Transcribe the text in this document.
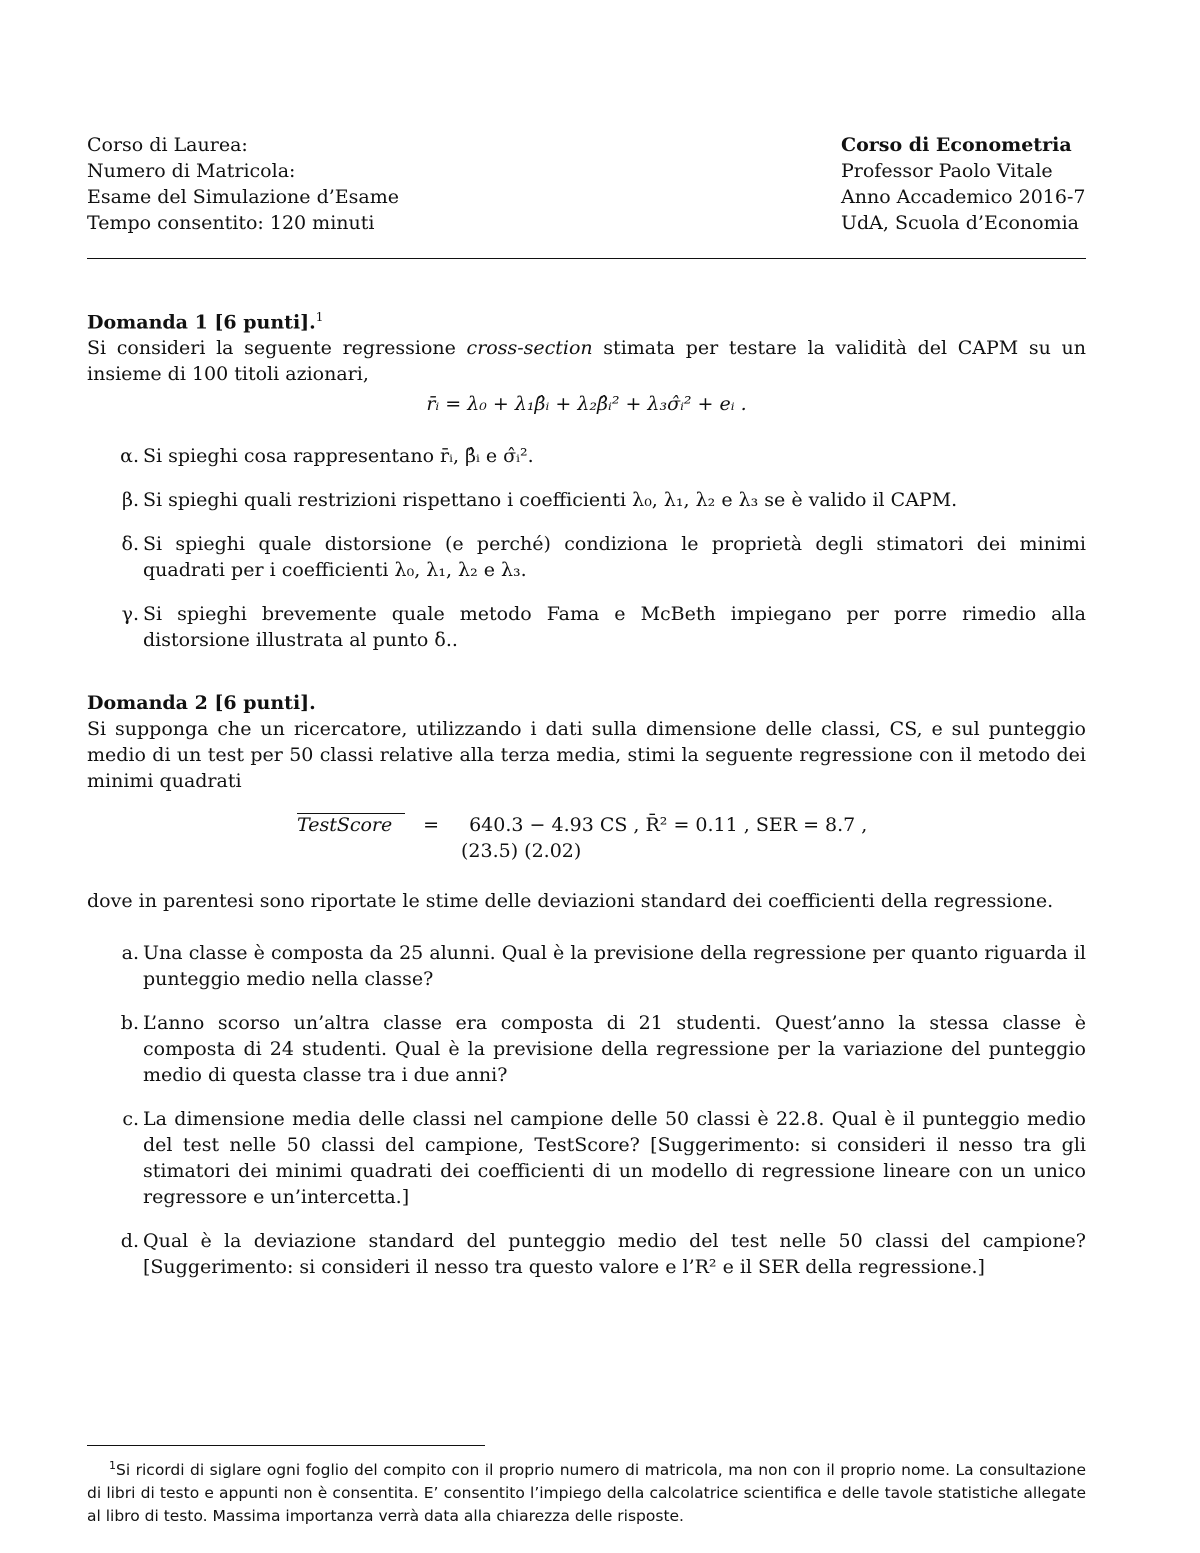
Corso di Laurea:
Numero di Matricola:
Esame del Simulazione d’Esame
Tempo consentito: 120 minuti
Corso di Econometria
Professor Paolo Vitale
Anno Accademico 2016-7
UdA, Scuola d’Economia
Domanda 1 [6 punti].$^1$

Si consideri la seguente regressione cross-section stimata per testare la validità del CAPM su un insieme di 100 titoli azionari,

r̄ᵢ = λ₀ + λ₁β̂ᵢ + λ₂β̂ᵢ² + λ₃σ̂ᵢ² + eᵢ .
α. Si spieghi cosa rappresentano r̄ᵢ, β̂ᵢ e σ̂ᵢ².
β. Si spieghi quali restrizioni rispettano i coefficienti λ₀, λ₁, λ₂ e λ₃ se è valido il CAPM.
δ. Si spieghi quale distorsione (e perché) condiziona le proprietà degli stimatori dei minimi quadrati per i coefficienti λ₀, λ₁, λ₂ e λ₃.
γ. Si spieghi brevemente quale metodo Fama e McBeth impiegano per porre rimedio alla distorsione illustrata al punto δ..
Domanda 2 [6 punti].

Si supponga che un ricercatore, utilizzando i dati sulla dimensione delle classi, CS, e sul punteggio medio di un test per 50 classi relative alla terza media, stimi la seguente regressione con il metodo dei minimi quadrati

TestScore = 640.3 − 4.93 CS , R̄² = 0.11 , SER = 8.7 ,
(23.5) (2.02)

dove in parentesi sono riportate le stime delle deviazioni standard dei coefficienti della regressione.

a. Una classe è composta da 25 alunni. Qual è la previsione della regressione per quanto riguarda il punteggio medio nella classe?
b. L’anno scorso un’altra classe era composta di 21 studenti. Quest’anno la stessa classe è composta di 24 studenti. Qual è la previsione della regressione per la variazione del punteggio medio di questa classe tra i due anni?
c. La dimensione media delle classi nel campione delle 50 classi è 22.8. Qual è il punteggio medio del test nelle 50 classi del campione, TestScore? [Suggerimento: si consideri il nesso tra gli stimatori dei minimi quadrati dei coefficienti di un modello di regressione lineare con un unico regressore e un’intercetta.]
d. Qual è la deviazione standard del punteggio medio del test nelle 50 classi del campione? [Suggerimento: si consideri il nesso tra questo valore e l’R² e il SER della regressione.]

$^1$Si ricordi di siglare ogni foglio del compito con il proprio numero di matricola, ma non con il proprio nome. La consultazione di libri di testo e appunti non è consentita. E’ consentito l’impiego della calcolatrice scientifica e delle tavole statistiche allegate al libro di testo. Massima importanza verrà data alla chiarezza delle risposte.
